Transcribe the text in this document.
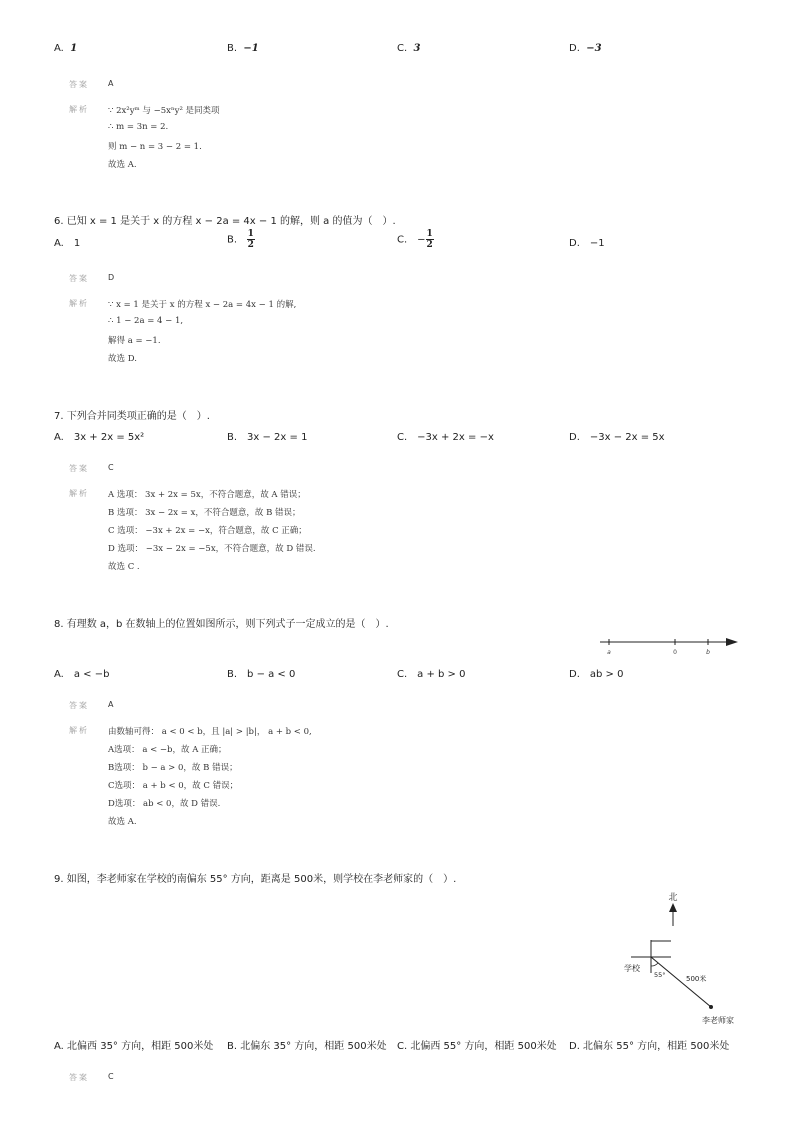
A. 1	B. −1	C. 3	D. −3
答案 A
解析 ∵ 2x²yᵐ 与 −5xⁿy² 是同类项
∴ m = 3n = 2.
则 m − n = 3 − 2 = 1.
故选 A.
6. 已知 x = 1 是关于 x 的方程 x − 2a = 4x − 1 的解，则 a 的值为（　）.
A.　1	B. $\frac{1}{2}$	C.　− $\frac{1}{2}$	D.　−1
答案 D
解析 ∵ x = 1 是关于 x 的方程 x − 2a = 4x − 1 的解,
∴ 1 − 2a = 4 − 1,
解得 a = −1.
故选 D.
7. 下列合并同类项正确的是（　）.
A.　3x + 2x = 5x²	B.　3x − 2x = 1	C.　−3x + 2x = −x	D.　−3x − 2x = 5x
答案 C
解析 A 选项： 3x + 2x = 5x，不符合题意，故 A 错误；
B 选项： 3x − 2x = x，不符合题意，故 B 错误；
C 选项： −3x + 2x = −x，符合题意，故 C 正确；
D 选项： −3x − 2x = −5x，不符合题意，故 D 错误.
故选 C .
8. 有理数 a，b 在数轴上的位置如图所示，则下列式子一定成立的是（　）.
a	0	b
A.　a < −b	B.　b − a < 0	C.　a + b > 0	D.　ab > 0
答案 A
解析 由数轴可得： a < 0 < b，且 |a| > |b|， a + b < 0,
A选项： a < −b，故 A 正确；
B选项： b − a > 0，故 B 错误；
C选项： a + b < 0，故 C 错误；
D选项： ab < 0，故 D 错误.
故选 A.
9. 如图，李老师家在学校的南偏东 55° 方向，距离是 500米，则学校在李老师家的（　）.
北
学校
55°	500米
李老师家
A. 北偏西 35° 方向，相距 500米处 B. 北偏东 35° 方向，相距 500米处 C. 北偏西 55° 方向，相距 500米处 D. 北偏东 55° 方向，相距 500米处
答案 C
